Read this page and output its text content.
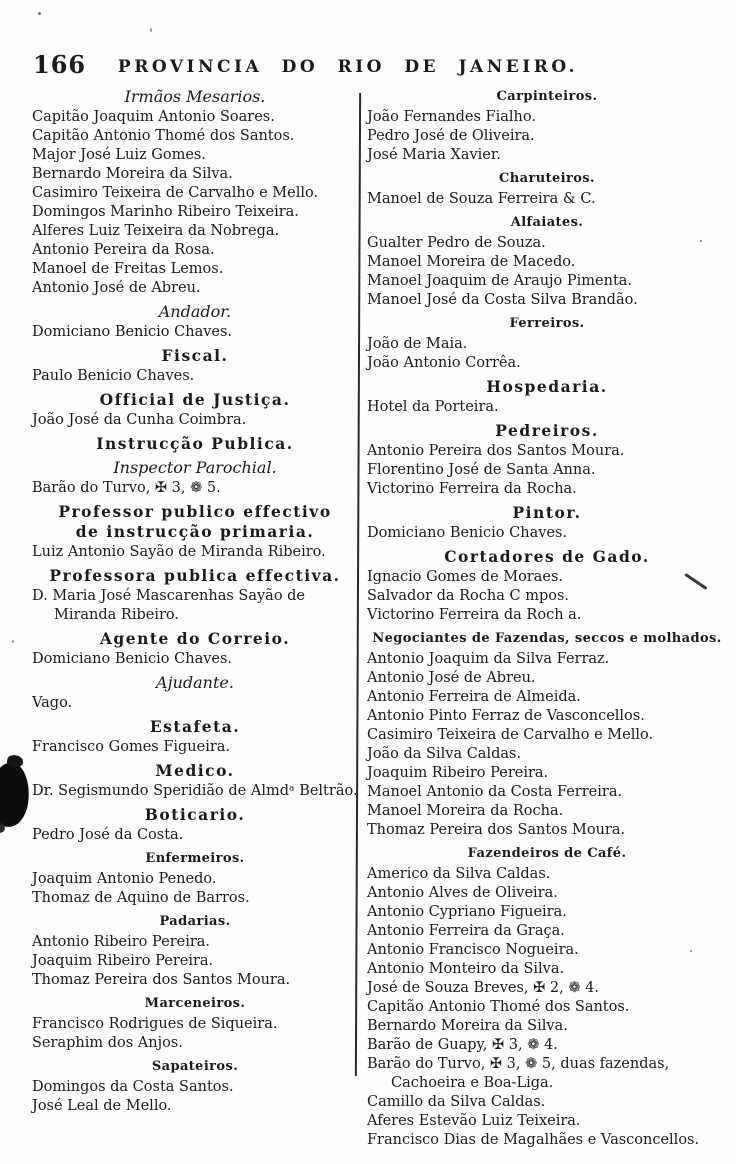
166	PROVINCIA DO RIO DE JANEIRO.
Irmãos Mesarios.
Capitão Joaquim Antonio Soares.
Capitão Antonio Thomé dos Santos.
Major José Luiz Gomes.
Bernardo Moreira da Silva.
Casimiro Teixeira de Carvalho e Mello.
Domingos Marinho Ribeiro Teixeira.
Alferes Luiz Teixeira da Nobrega.
Antonio Pereira da Rosa.
Manoel de Freitas Lemos.
Antonio José de Abreu.
Andador.
Domiciano Benicio Chaves.
Fiscal.
Paulo Benicio Chaves.
Official de Justiça.
João José da Cunha Coimbra.
Instrucção Publica.
Inspector Parochial.
Barão do Turvo, ✠ 3, ❁ 5.
Professor publico effectivo de instrucção primaria.
Luiz Antonio Sayão de Miranda Ribeiro.
Professora publica effectiva.
D. Maria José Mascarenhas Sayão de Miranda Ribeiro.
Agente do Correio.
Domiciano Benicio Chaves.
Ajudante.
Vago.
Estafeta.
Francisco Gomes Figueira.
Medico.
Dr. Segismundo Speridião de Almdᵃ Beltrão.
Boticario.
Pedro José da Costa.
Enfermeiros.
Joaquim Antonio Penedo.
Thomaz de Aquino de Barros.
Padarias.
Antonio Ribeiro Pereira.
Joaquim Ribeiro Pereira.
Thomaz Pereira dos Santos Moura.
Marceneiros.
Francisco Rodrigues de Siqueira.
Seraphim dos Anjos.
Sapateiros.
Domingos da Costa Santos.
José Leal de Mello.
Carpinteiros.
João Fernandes Fialho.
Pedro José de Oliveira.
José Maria Xavier.
Charuteiros.
Manoel de Souza Ferreira & C.
Alfaiates.
Gualter Pedro de Souza.
Manoel Moreira de Macedo.
Manoel Joaquim de Araujo Pimenta.
Manoel José da Costa Silva Brandão.
Ferreiros.
João de Maia.
João Antonio Corrêa.
Hospedaria.
Hotel da Porteira.
Pedreiros.
Antonio Pereira dos Santos Moura.
Florentino José de Santa Anna.
Victorino Ferreira da Rocha.
Pintor.
Domiciano Benicio Chaves.
Cortadores de Gado.
Ignacio Gomes de Moraes.
Salvador da Rocha C mpos.
Victorino Ferreira da Roch a.
Negociantes de Fazendas, seccos e molhados.
Antonio Joaquim da Silva Ferraz.
Antonio José de Abreu.
Antonio Ferreira de Almeida.
Antonio Pinto Ferraz de Vasconcellos.
Casimiro Teixeira de Carvalho e Mello.
João da Silva Caldas.
Joaquim Ribeiro Pereira.
Manoel Antonio da Costa Ferreira.
Manoel Moreira da Rocha.
Thomaz Pereira dos Santos Moura.
Fazendeiros de Café.
Americo da Silva Caldas.
Antonio Alves de Oliveira.
Antonio Cypriano Figueira.
Antonio Ferreira da Graça.
Antonio Francisco Nogueira.
Antonio Monteiro da Silva.
José de Souza Breves, ✠ 2, ❁ 4.
Capitão Antonio Thomé dos Santos.
Bernardo Moreira da Silva.
Barão de Guapy, ✠ 3, ❁ 4.
Barão do Turvo, ✠ 3, ❁ 5, duas fazendas,
Cachoeira e Boa-Liga.
Camillo da Silva Caldas.
Aferes Estevão Luiz Teixeira.
Francisco Dias de Magalhães e Vasconcellos.
